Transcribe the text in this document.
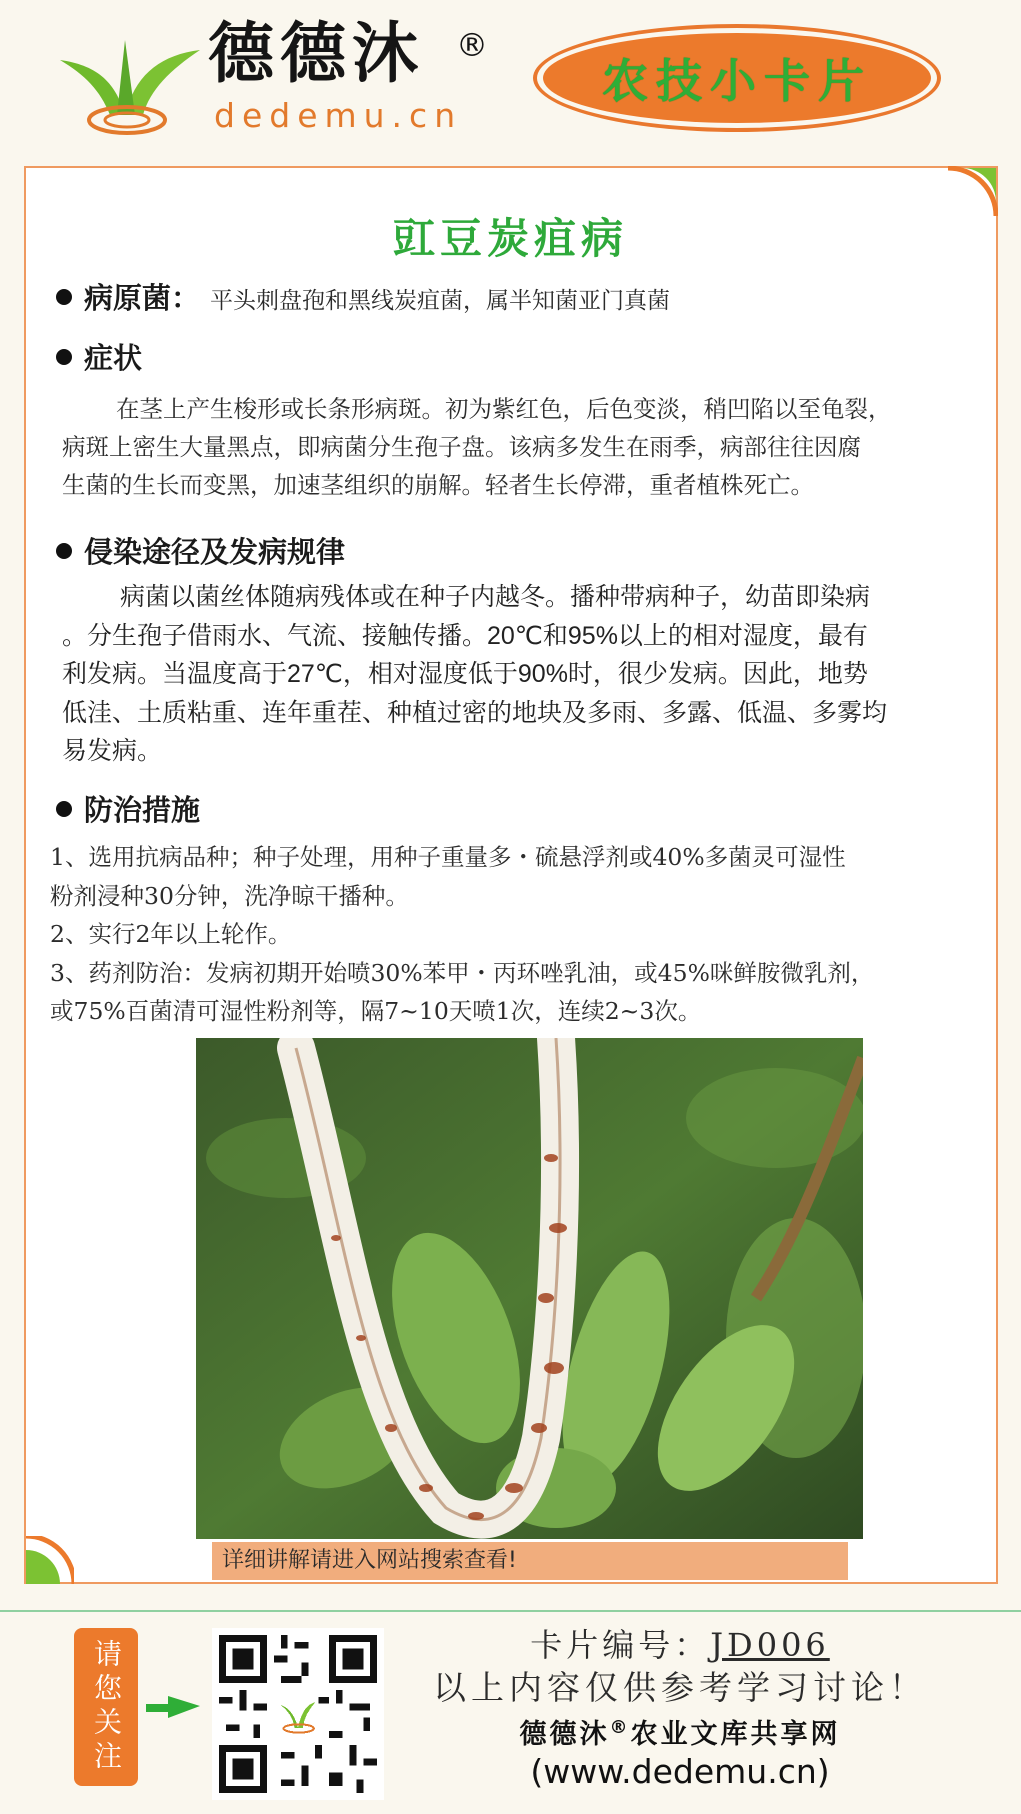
德德沐 ®
dedemu.cn
农技小卡片
豇豆炭疽病
病原菌： 平头刺盘孢和黑线炭疽菌，属半知菌亚门真菌
症状

在茎上产生梭形或长条形病斑。初为紫红色，后色变淡，稍凹陷以至龟裂，

病斑上密生大量黑点，即病菌分生孢子盘。该病多发生在雨季，病部往往因腐

生菌的生长而变黑，加速茎组织的崩解。轻者生长停滞，重者植株死亡。

侵染途径及发病规律

病菌以菌丝体随病残体或在种子内越冬。播种带病种子，幼苗即染病

。分生孢子借雨水、气流、接触传播。20℃和95%以上的相对湿度，最有

利发病。当温度高于27℃，相对湿度低于90%时，很少发病。因此，地势

低洼、土质粘重、连年重茬、种植过密的地块及多雨、多露、低温、多雾均

易发病。

防治措施

1、选用抗病品种；种子处理，用种子重量多・硫悬浮剂或40%多菌灵可湿性

粉剂浸种30分钟，洗净晾干播种。

2、实行2年以上轮作。

3、药剂防治：发病初期开始喷30%苯甲・丙环唑乳油，或45%咪鲜胺微乳剂，

或75%百菌清可湿性粉剂等，隔7~10天喷1次，连续2~3次。

详细讲解请进入网站搜索查看!
请您关注	卡片编号：JD006
以上内容仅供参考学习讨论！
德德沐®农业文库共享网
(www.dedemu.cn)
